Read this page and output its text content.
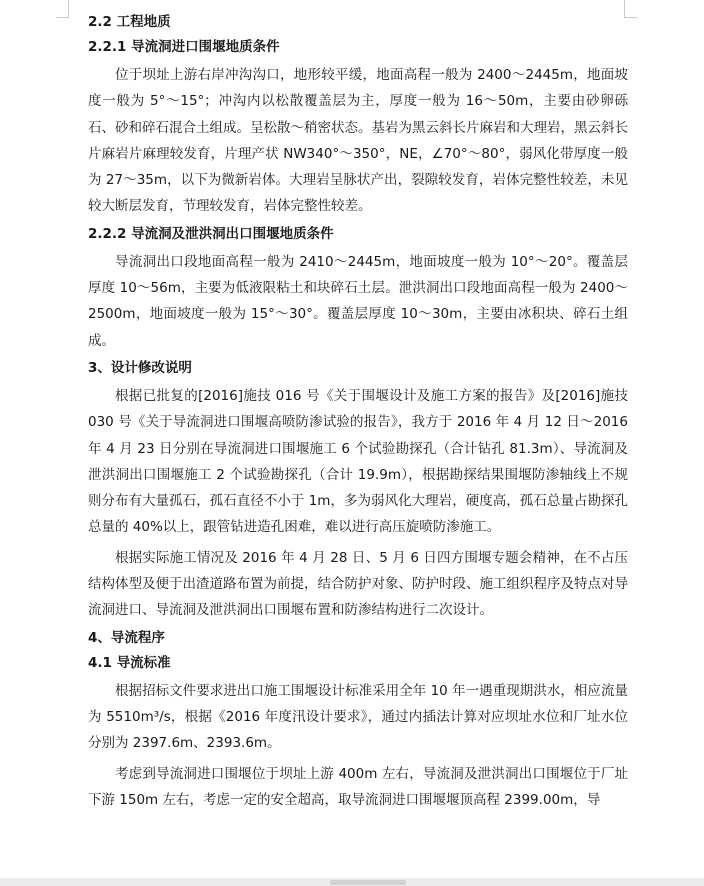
2.2 工程地质
2.2.1 导流洞进口围堰地质条件

位于坝址上游右岸冲沟沟口，地形较平缓，地面高程一般为 2400～2445m，地面坡度一般为 5°～15°；冲沟内以松散覆盖层为主，厚度一般为 16～50m，主要由砂卵砾石、砂和碎石混合土组成。呈松散～稍密状态。基岩为黑云斜长片麻岩和大理岩，黑云斜长片麻岩片麻理较发育，片理产状 NW340°～350°，NE，∠70°～80°，弱风化带厚度一般为 27～35m，以下为微新岩体。大理岩呈脉状产出，裂隙较发育，岩体完整性较差，未见较大断层发育，节理较发育，岩体完整性较差。

2.2.2 导流洞及泄洪洞出口围堰地质条件

导流洞出口段地面高程一般为 2410～2445m，地面坡度一般为 10°～20°。覆盖层厚度 10～56m，主要为低液限粘土和块碎石土层。泄洪洞出口段地面高程一般为 2400～2500m，地面坡度一般为 15°～30°。覆盖层厚度 10～30m，主要由冰积块、碎石土组成。

3、设计修改说明

根据已批复的[2016]施技 016 号《关于围堰设计及施工方案的报告》及[2016]施技 030 号《关于导流洞进口围堰高喷防渗试验的报告》，我方于 2016 年 4 月 12 日～2016 年 4 月 23 日分别在导流洞进口围堰施工 6 个试验勘探孔（合计钻孔 81.3m）、导流洞及泄洪洞出口围堰施工 2 个试验勘探孔（合计 19.9m），根据勘探结果围堰防渗轴线上不规则分布有大量孤石，孤石直径不小于 1m，多为弱风化大理岩，硬度高，孤石总量占勘探孔总量的 40%以上，跟管钻进造孔困难，难以进行高压旋喷防渗施工。

根据实际施工情况及 2016 年 4 月 28 日、5 月 6 日四方围堰专题会精神，在不占压结构体型及便于出渣道路布置为前提，结合防护对象、防护时段、施工组织程序及特点对导流洞进口、导流洞及泄洪洞出口围堰布置和防渗结构进行二次设计。

4、导流程序
4.1 导流标准

根据招标文件要求进出口施工围堰设计标准采用全年 10 年一遇重现期洪水，相应流量为 5510m³/s，根据《2016 年度汛设计要求》，通过内插法计算对应坝址水位和厂址水位分别为 2397.6m、2393.6m。

考虑到导流洞进口围堰位于坝址上游 400m 左右，导流洞及泄洪洞出口围堰位于厂址下游 150m 左右，考虑一定的安全超高，取导流洞进口围堰堰顶高程 2399.00m，导
